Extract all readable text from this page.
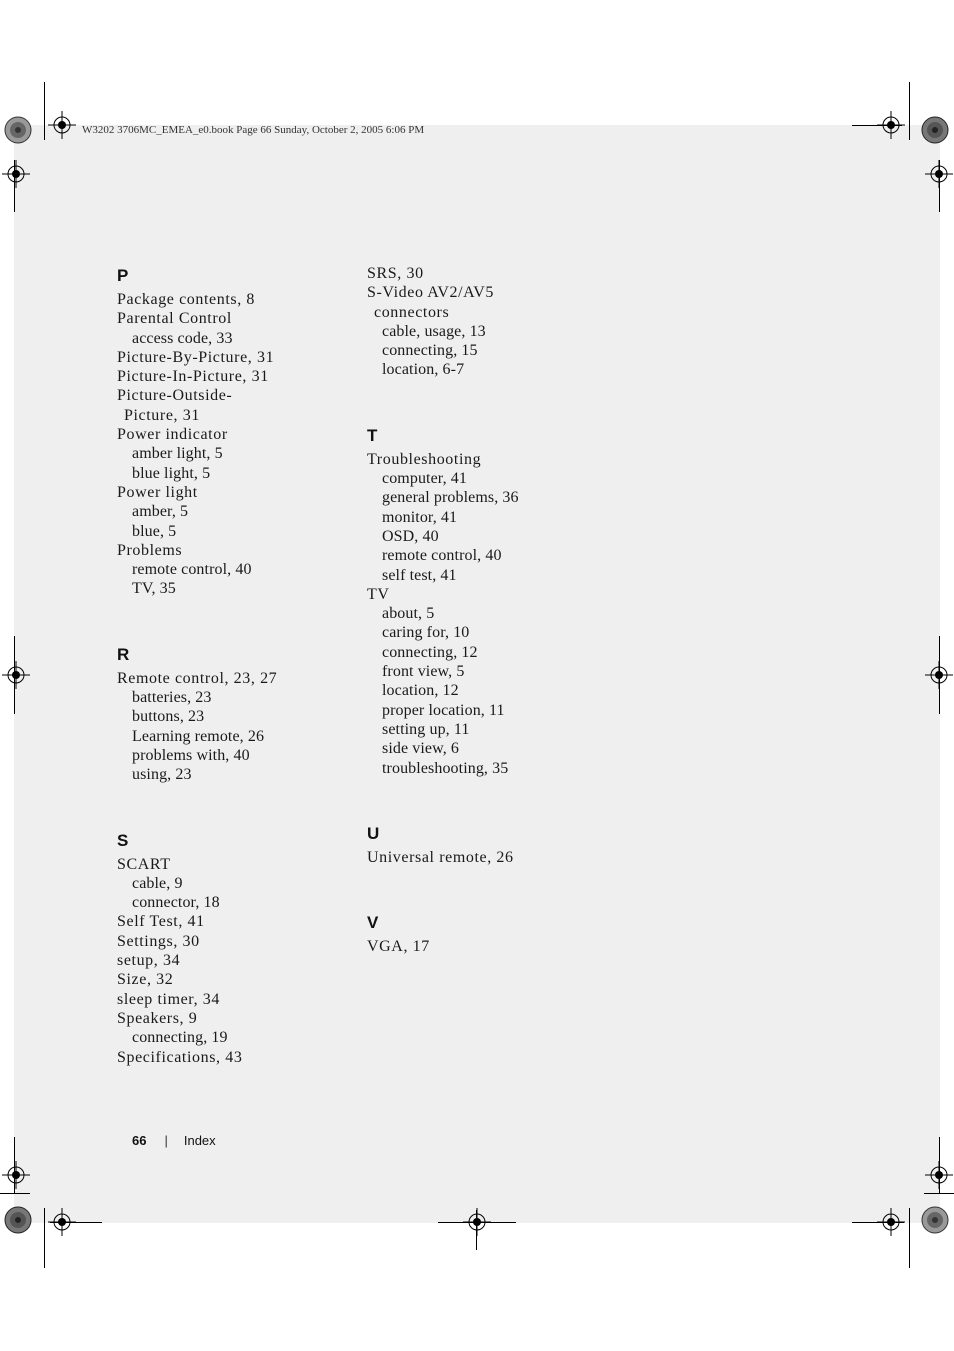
W3202 3706MC_EMEA_e0.book Page 66 Sunday, October 2, 2005 6:06 PM
P
Package contents, 8
Parental Control
access code, 33
Picture-By-Picture, 31
Picture-In-Picture, 31
Picture-Outside-
Picture, 31
Power indicator
amber light, 5
blue light, 5
Power light
amber, 5
blue, 5
Problems
remote control, 40
TV, 35
R
Remote control, 23, 27
batteries, 23
buttons, 23
Learning remote, 26
problems with, 40
using, 23
S
SCART
cable, 9
connector, 18
Self Test, 41
Settings, 30
setup, 34
Size, 32
sleep timer, 34
Speakers, 9
connecting, 19
Specifications, 43
SRS, 30
S-Video AV2/AV5
connectors
cable, usage, 13
connecting, 15
location, 6-7
T
Troubleshooting
computer, 41
general problems, 36
monitor, 41
OSD, 40
remote control, 40
self test, 41
TV
about, 5
caring for, 10
connecting, 12
front view, 5
location, 12
proper location, 11
setting up, 11
side view, 6
troubleshooting, 35
U
Universal remote, 26
V
VGA, 17
66 | Index
